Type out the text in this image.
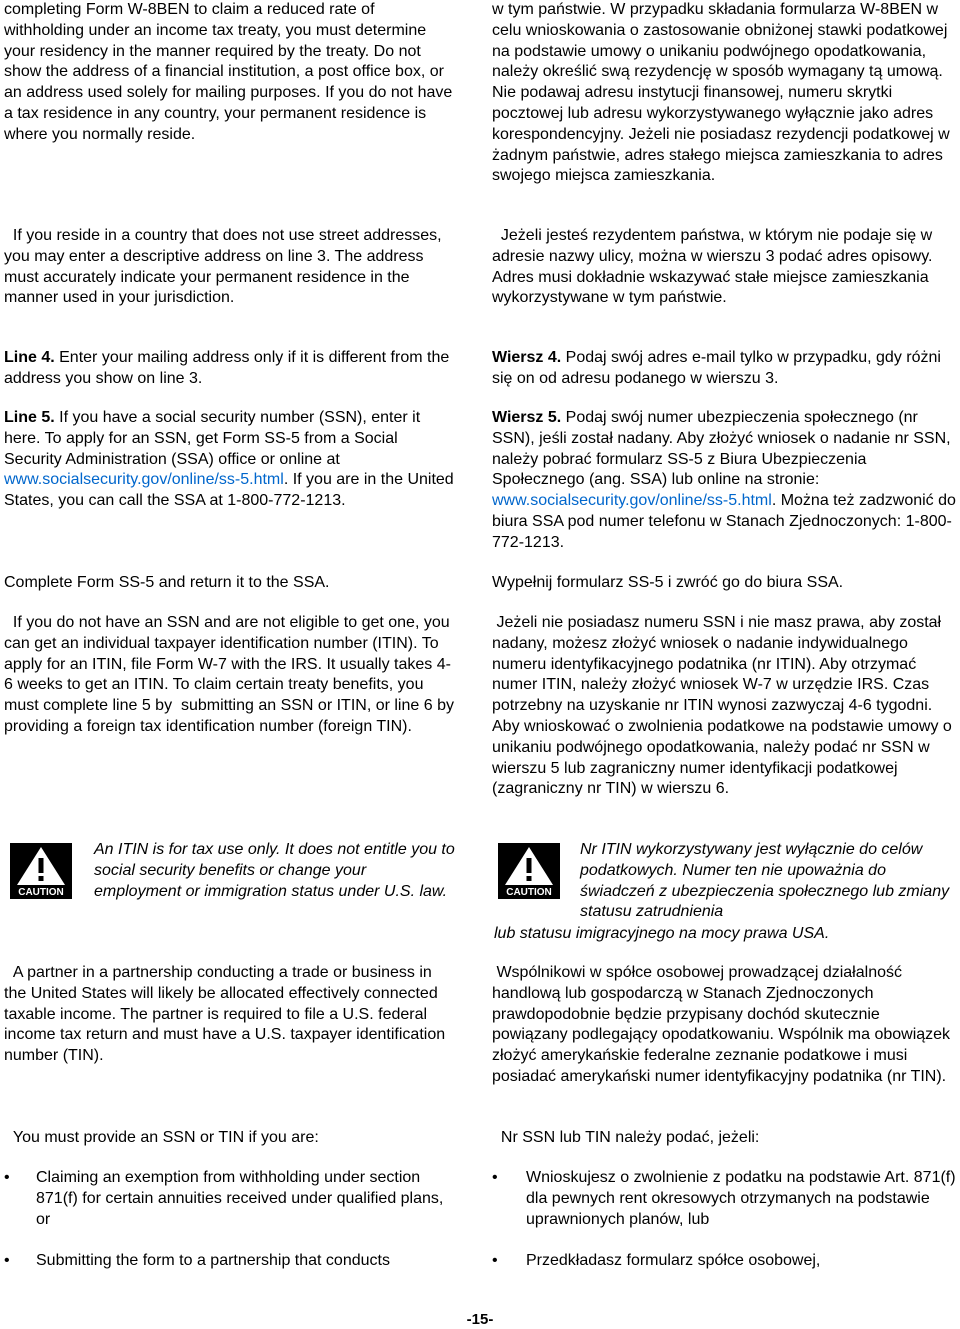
completing Form W-8BEN to claim a reduced rate of withholding under an income tax treaty, you must determine your residency in the manner required by the treaty. Do not show the address of a financial institution, a post office box, or an address used solely for mailing purposes. If you do not have a tax residence in any country, your permanent residence is where you normally reside.

If you reside in a country that does not use street addresses, you may enter a descriptive address on line 3. The address must accurately indicate your permanent residence in the manner used in your jurisdiction.

Line 4. Enter your mailing address only if it is different from the address you show on line 3.

Line 5. If you have a social security number (SSN), enter it here. To apply for an SSN, get Form SS-5 from a Social Security Administration (SSA) office or online at www.socialsecurity.gov/online/ss-5.html. If you are in the United States, you can call the SSA at 1-800-772-1213.

Complete Form SS-5 and return it to the SSA.

If you do not have an SSN and are not eligible to get one, you can get an individual taxpayer identification number (ITIN). To apply for an ITIN, file Form W-7 with the IRS. It usually takes 4-6 weeks to get an ITIN. To claim certain treaty benefits, you must complete line 5 by  submitting an SSN or ITIN, or line 6 by providing a foreign tax identification number (foreign TIN).

CAUTION

An ITIN is for tax use only. It does not entitle you to social security benefits or change your employment or immigration status under U.S. law.

A partner in a partnership conducting a trade or business in the United States will likely be allocated effectively connected taxable income. The partner is required to file a U.S. federal income tax return and must have a U.S. taxpayer identification number (TIN).

You must provide an SSN or TIN if you are:

•	Claiming an exemption from withholding under section 871(f) for certain annuities received under qualified plans, or

•	Submitting the form to a partnership that conducts

w tym państwie. W przypadku składania formularza W-8BEN w celu wnioskowania o zastosowanie obniżonej stawki podatkowej na podstawie umowy o unikaniu podwójnego opodatkowania, należy określić swą rezydencję w sposób wymagany tą umową. Nie podawaj adresu instytucji finansowej, numeru skrytki pocztowej lub adresu wykorzystywanego wyłącznie jako adres korespondencyjny. Jeżeli nie posiadasz rezydencji podatkowej w żadnym państwie, adres stałego miejsca zamieszkania to adres swojego miejsca zamieszkania.

Jeżeli jesteś rezydentem państwa, w którym nie podaje się w adresie nazwy ulicy, można w wierszu 3 podać adres opisowy. Adres musi dokładnie wskazywać stałe miejsce zamieszkania wykorzystywane w tym państwie.

Wiersz 4. Podaj swój adres e-mail tylko w przypadku, gdy różni się on od adresu podanego w wierszu 3.

Wiersz 5. Podaj swój numer ubezpieczenia społecznego (nr SSN), jeśli został nadany. Aby złożyć wniosek o nadanie nr SSN, należy pobrać formularz SS-5 z Biura Ubezpieczenia Społecznego (ang. SSA) lub online na stronie: www.socialsecurity.gov/online/ss-5.html. Można też zadzwonić do biura SSA pod numer telefonu w Stanach Zjednoczonych: 1-800-772-1213.

Wypełnij formularz SS-5 i zwróć go do biura SSA.

Jeżeli nie posiadasz numeru SSN i nie masz prawa, aby został nadany, możesz złożyć wniosek o nadanie indywidualnego numeru identyfikacyjnego podatnika (nr ITIN). Aby otrzymać numer ITIN, należy złożyć wniosek W-7 w urzędzie IRS. Czas potrzebny na uzyskanie nr ITIN wynosi zazwyczaj 4-6 tygodni. Aby wnioskować o zwolnienia podatkowe na podstawie umowy o unikaniu podwójnego opodatkowania, należy podać nr SSN w wierszu 5 lub zagraniczny numer identyfikacji podatkowej (zagraniczny nr TIN) w wierszu 6.

CAUTION

Nr ITIN wykorzystywany jest wyłącznie do celów podatkowych. Numer ten nie upoważnia do świadczeń z ubezpieczenia społecznego lub zmiany statusu zatrudnienia

lub statusu imigracyjnego na mocy prawa USA.

Wspólnikowi w spółce osobowej prowadzącej działalność handlową lub gospodarczą w Stanach Zjednoczonych prawdopodobnie będzie przypisany dochód skutecznie powiązany podlegający opodatkowaniu. Wspólnik ma obowiązek złożyć amerykańskie federalne zeznanie podatkowe i musi posiadać amerykański numer identyfikacyjny podatnika (nr TIN).

Nr SSN lub TIN należy podać, jeżeli:

•	Wnioskujesz o zwolnienie z podatku na podstawie Art. 871(f) dla pewnych rent okresowych otrzymanych na podstawie uprawnionych planów, lub

•	Przedkładasz formularz spółce osobowej,

-15-
